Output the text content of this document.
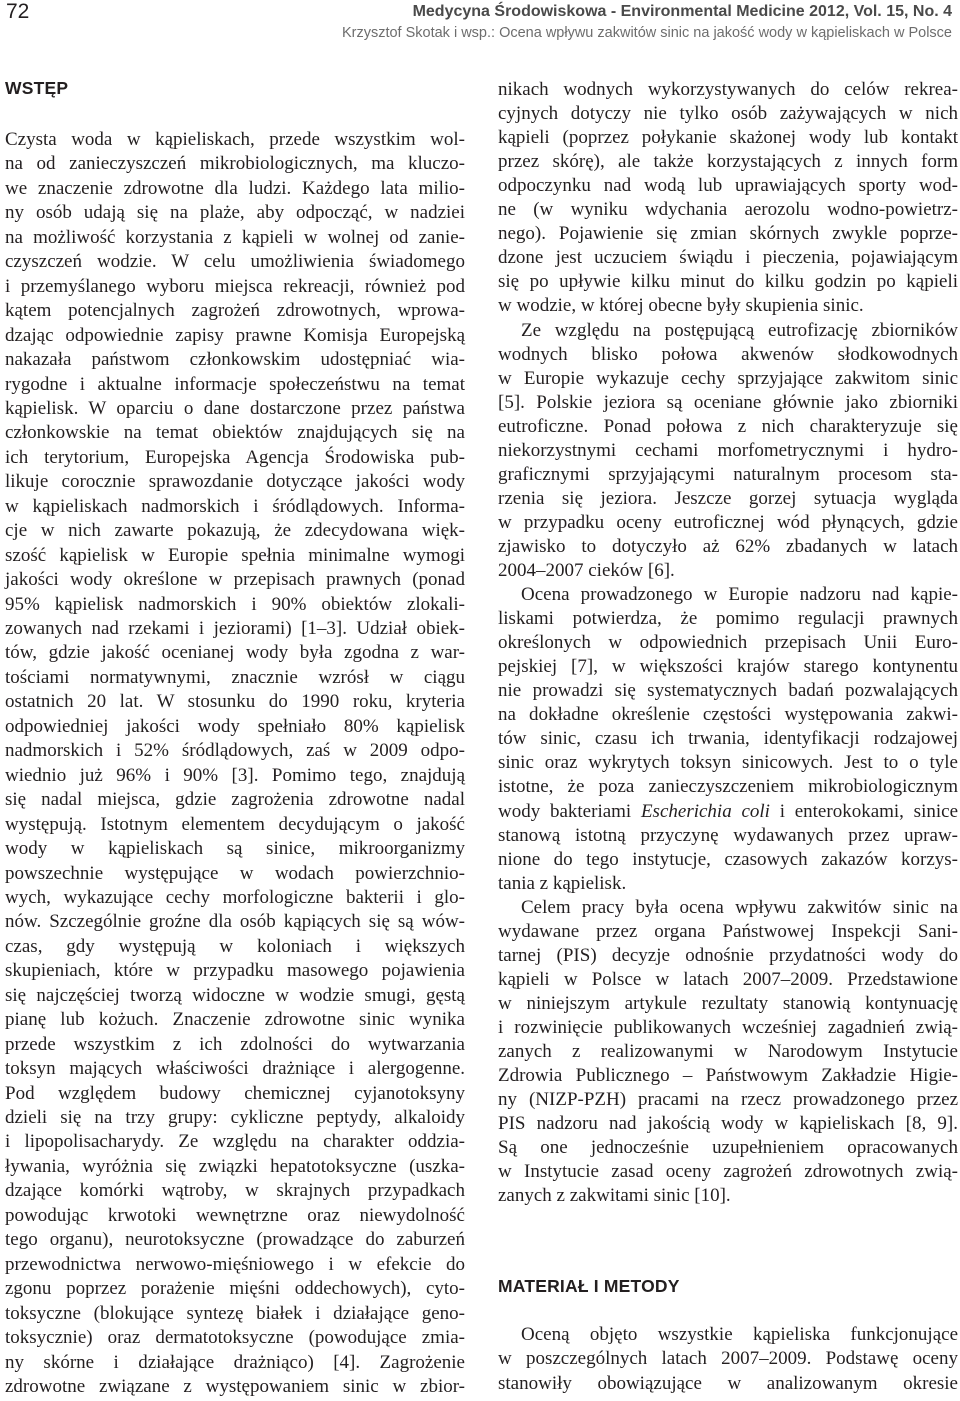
72	Medycyna Środowiskowa - Environmental Medicine 2012, Vol. 15, No. 4
Krzysztof Skotak i wsp.: Ocena wpływu zakwitów sinic na jakość wody w kąpieliskach w Polsce
WSTĘP
Czysta woda w kąpieliskach, przede wszystkim wol-
na od zanieczyszczeń mikrobiologicznych, ma kluczo-
we znaczenie zdrowotne dla ludzi. Każdego lata milio-
ny osób udają się na plaże, aby odpocząć, w nadziei
na możliwość korzystania z kąpieli w wolnej od zanie-
czyszczeń wodzie. W celu umożliwienia świadomego
i przemyślanego wyboru miejsca rekreacji, również pod
kątem potencjalnych zagrożeń zdrowotnych, wprowa-
dzając odpowiednie zapisy prawne Komisja Europejską
nakazała państwom członkowskim udostępniać wia-
rygodne i aktualne informacje społeczeństwu na temat
kąpielisk. W oparciu o dane dostarczone przez państwa
członkowskie na temat obiektów znajdujących się na
ich terytorium, Europejska Agencja Środowiska pub-
likuje corocznie sprawozdanie dotyczące jakości wody
w kąpieliskach nadmorskich i śródlądowych. Informa-
cje w nich zawarte pokazują, że zdecydowana więk-
szość kąpielisk w Europie spełnia minimalne wymogi
jakości wody określone w przepisach prawnych (ponad
95% kąpielisk nadmorskich i 90% obiektów zlokali-
zowanych nad rzekami i jeziorami) [1–3]. Udział obiek-
tów, gdzie jakość ocenianej wody była zgodna z war-
tościami normatywnymi, znacznie wzrósł w ciągu
ostatnich 20 lat. W stosunku do 1990 roku, kryteria
odpowiedniej jakości wody spełniało 80% kąpielisk
nadmorskich i 52% śródlądowych, zaś w 2009 odpo-
wiednio już 96% i 90% [3]. Pomimo tego, znajdują
się nadal miejsca, gdzie zagrożenia zdrowotne nadal
występują. Istotnym elementem decydującym o jakość
wody w kąpieliskach są sinice, mikroorganizmy
powszechnie występujące w wodach powierzchnio-
wych, wykazujące cechy morfologiczne bakterii i glo-
nów. Szczególnie groźne dla osób kąpiących się są wów-
czas, gdy występują w koloniach i większych
skupieniach, które w przypadku masowego pojawienia
się najczęściej tworzą widoczne w wodzie smugi, gęstą
pianę lub kożuch. Znaczenie zdrowotne sinic wynika
przede wszystkim z ich zdolności do wytwarzania
toksyn mających właściwości drażniące i alergogenne.
Pod względem budowy chemicznej cyjanotoksyny
dzieli się na trzy grupy: cykliczne peptydy, alkaloidy
i lipopolisacharydy. Ze względu na charakter oddzia-
ływania, wyróżnia się związki hepatotoksyczne (uszka-
dzające komórki wątroby, w skrajnych przypadkach
powodując krwotoki wewnętrzne oraz niewydolność
tego organu), neurotoksyczne (prowadzące do zaburzeń
przewodnictwa nerwowo-mięśniowego i w efekcie do
zgonu poprzez porażenie mięśni oddechowych), cyto-
toksyczne (blokujące syntezę białek i działające geno-
toksycznie) oraz dermatotoksyczne (powodujące zmia-
ny skórne i działające drażniąco) [4]. Zagrożenie
zdrowotne związane z występowaniem sinic w zbior-
nikach wodnych wykorzystywanych do celów rekrea-
cyjnych dotyczy nie tylko osób zażywających w nich
kąpieli (poprzez połykanie skażonej wody lub kontakt
przez skórę), ale także korzystających z innych form
odpoczynku nad wodą lub uprawiających sporty wod-
ne (w wyniku wdychania aerozolu wodno-powietrz-
nego). Pojawienie się zmian skórnych zwykle poprze-
dzone jest uczuciem świądu i pieczenia, pojawiającym
się po upływie kilku minut do kilku godzin po kąpieli
w wodzie, w której obecne były skupienia sinic.
Ze względu na postępującą eutrofizację zbiorników
wodnych blisko połowa akwenów słodkowodnych
w Europie wykazuje cechy sprzyjające zakwitom sinic
[5]. Polskie jeziora są oceniane głównie jako zbiorniki
eutroficzne. Ponad połowa z nich charakteryzuje się
niekorzystnymi cechami morfometrycznymi i hydro-
graficznymi sprzyjającymi naturalnym procesom sta-
rzenia się jeziora. Jeszcze gorzej sytuacja wygląda
w przypadku oceny eutroficznej wód płynących, gdzie
zjawisko to dotyczyło aż 62% zbadanych w latach
2004–2007 cieków [6].
Ocena prowadzonego w Europie nadzoru nad kąpie-
liskami potwierdza, że pomimo regulacji prawnych
określonych w odpowiednich przepisach Unii Euro-
pejskiej [7], w większości krajów starego kontynentu
nie prowadzi się systematycznych badań pozwalających
na dokładne określenie częstości występowania zakwi-
tów sinic, czasu ich trwania, identyfikacji rodzajowej
sinic oraz wykrytych toksyn sinicowych. Jest to o tyle
istotne, że poza zanieczyszczeniem mikrobiologicznym
wody bakteriami Escherichia coli i enterokokami, sinice
stanową istotną przyczynę wydawanych przez upraw-
nione do tego instytucje, czasowych zakazów korzys-
tania z kąpielisk.
Celem pracy była ocena wpływu zakwitów sinic na
wydawane przez organa Państwowej Inspekcji Sani-
tarnej (PIS) decyzje odnośnie przydatności wody do
kąpieli w Polsce w latach 2007–2009. Przedstawione
w niniejszym artykule rezultaty stanowią kontynuację
i rozwinięcie publikowanych wcześniej zagadnień zwią-
zanych z realizowanymi w Narodowym Instytucie
Zdrowia Publicznego – Państwowym Zakładzie Higie-
ny (NIZP-PZH) pracami na rzecz prowadzonego przez
PIS nadzoru nad jakością wody w kąpieliskach [8, 9].
Są one jednocześnie uzupełnieniem opracowanych
w Instytucie zasad oceny zagrożeń zdrowotnych zwią-
zanych z zakwitami sinic [10].
MATERIAŁ I METODY
Oceną objęto wszystkie kąpieliska funkcjonujące
w poszczególnych latach 2007–2009. Podstawę oceny
stanowiły obowiązujące w analizowanym okresie
